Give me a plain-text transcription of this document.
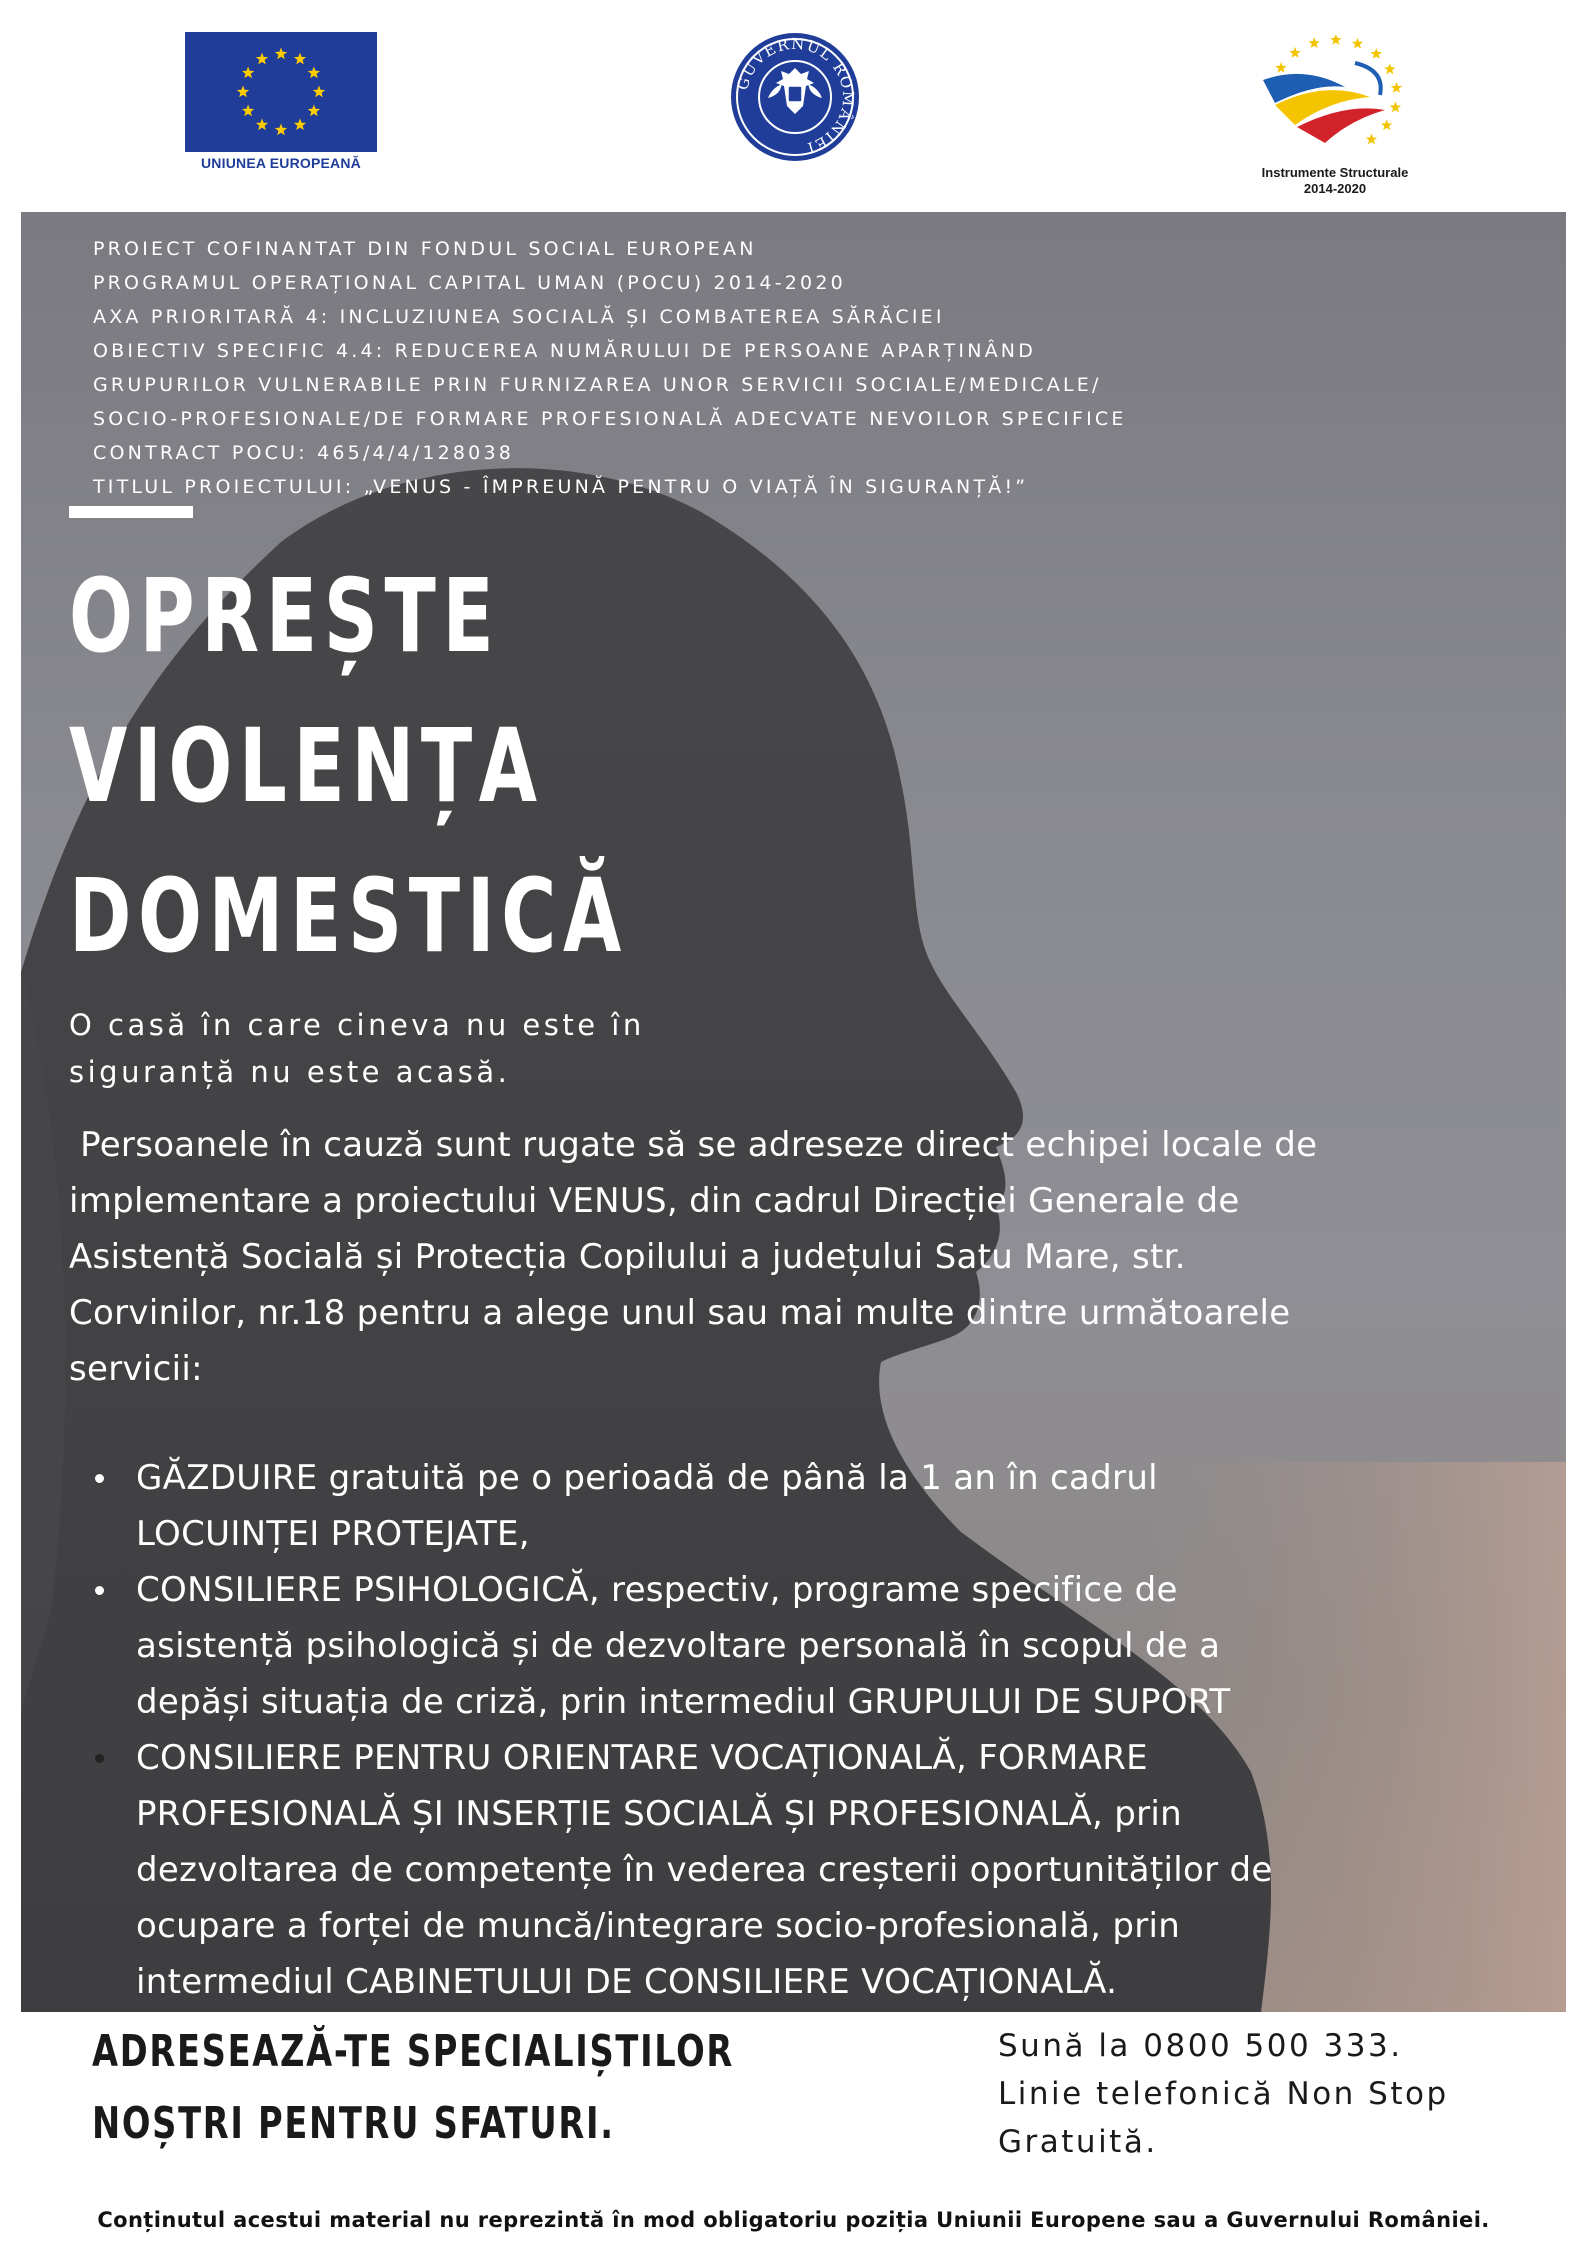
UNIUNEA EUROPEANĂ
GUVERNUL ROMÂNIEI
Instrumente Structurale
2014-2020
PROIECT COFINANTAT DIN FONDUL SOCIAL EUROPEAN
PROGRAMUL OPERAȚIONAL CAPITAL UMAN (POCU) 2014-2020
AXA PRIORITARĂ 4: INCLUZIUNEA SOCIALĂ ȘI COMBATEREA SĂRĂCIEI
OBIECTIV SPECIFIC 4.4: REDUCEREA NUMĂRULUI DE PERSOANE APARȚINÂND
GRUPURILOR VULNERABILE PRIN FURNIZAREA UNOR SERVICII SOCIALE/MEDICALE/
SOCIO-PROFESIONALE/DE FORMARE PROFESIONALĂ ADECVATE NEVOILOR SPECIFICE
CONTRACT POCU: 465/4/4/128038
TITLUL PROIECTULUI: „VENUS - ÎMPREUNĂ PENTRU O VIAȚĂ ÎN SIGURANȚĂ!”
OPREȘTE
VIOLENȚA
DOMESTICĂ
O casă în care cineva nu este în
siguranță nu este acasă.
Persoanele în cauză sunt rugate să se adreseze direct echipei locale de
implementare a proiectului VENUS, din cadrul Direcției Generale de
Asistență Socială și Protecția Copilului a județului Satu Mare, str.
Corvinilor, nr.18 pentru a alege unul sau mai multe dintre următoarele
servicii:
GĂZDUIRE gratuită pe o perioadă de până la 1 an în cadrul
LOCUINȚEI PROTEJATE,
CONSILIERE PSIHOLOGICĂ, respectiv, programe specifice de
asistență psihologică și de dezvoltare personală în scopul de a
depăși situația de criză, prin intermediul GRUPULUI DE SUPORT
CONSILIERE PENTRU ORIENTARE VOCAȚIONALĂ, FORMARE
PROFESIONALĂ ȘI INSERȚIE SOCIALĂ ȘI PROFESIONALĂ, prin
dezvoltarea de competențe în vederea creșterii oportunităților de
ocupare a forței de muncă/integrare socio-profesională, prin
intermediul CABINETULUI DE CONSILIERE VOCAȚIONALĂ.
ADRESEAZĂ-TE SPECIALIȘTILOR
NOȘTRI PENTRU SFATURI.
Sună la 0800 500 333.
Linie telefonică Non Stop
Gratuită.
Conținutul acestui material nu reprezintă în mod obligatoriu poziția Uniunii Europene sau a Guvernului României.
